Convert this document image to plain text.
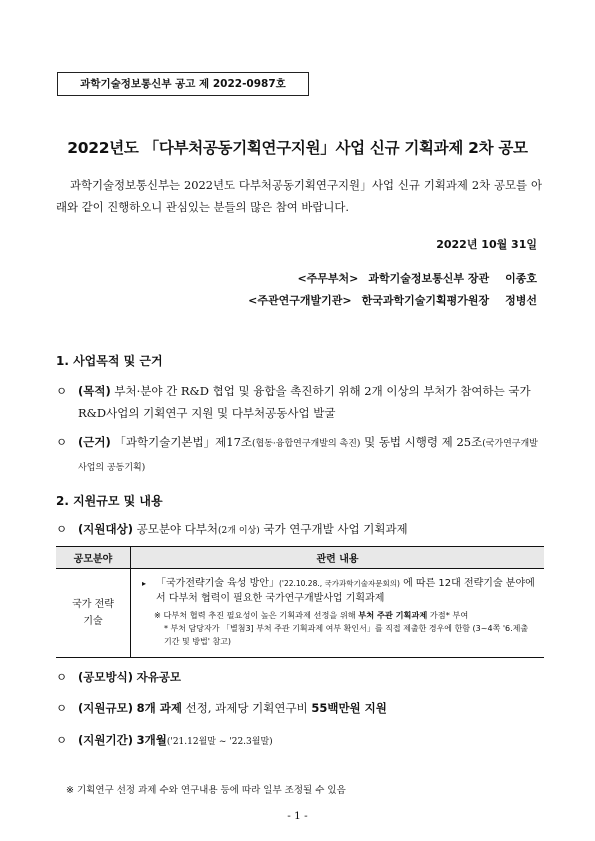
과학기술정보통신부 공고 제 2022-0987호
2022년도 「다부처공동기획연구지원」사업 신규 기획과제 2차 공모
과학기술정보통신부는 2022년도 다부처공동기획연구지원」사업 신규 기획과제 2차 공모를 아래와 같이 진행하오니 관심있는 분들의 많은 참여 바랍니다.
2022년 10월 31일
<주무부처> 과학기술정보통신부 장관 이종호
<주관연구개발기관> 한국과학기술기획평가원장 정병선
1. 사업목적 및 근거
ㅇ (목적) 부처·분야 간 R&D 협업 및 융합을 촉진하기 위해 2개 이상의 부처가 참여하는 국가 R&D사업의 기획연구 지원 및 다부처공동사업 발굴
ㅇ (근거) 「과학기술기본법」제17조(협동·융합연구개발의 촉진) 및 동법 시행령 제 25조(국가연구개발사업의 공동기획)
2. 지원규모 및 내용
ㅇ (지원대상) 공모분야 다부처(2개 이상) 국가 연구개발 사업 기획과제
공모분야	관련 내용
국가 전략기술	▸ 「국가전략기술 육성 방안」('22.10.28., 국가과학기술자문회의) 에 따른 12대 전략기술 분야에서 다부처 협력이 필요한 국가연구개발사업 기획과제
※ 다부처 협력 추진 필요성이 높은 기획과제 선정을 위해 부처 주관 기획과제 가점* 부여
* 부처 담당자가 「별첨3] 부처 주관 기획과제 여부 확인서」를 직접 제출한 경우에 한함 (3~4쪽 '6.제출기간 및 방법' 참고)
ㅇ (공모방식) 자유공모
ㅇ (지원규모) 8개 과제 선정, 과제당 기획연구비 55백만원 지원
ㅇ (지원기간) 3개월('21.12월말 ~ '22.3월말)
※ 기획연구 선정 과제 수와 연구내용 등에 따라 일부 조정될 수 있음
- 1 -
